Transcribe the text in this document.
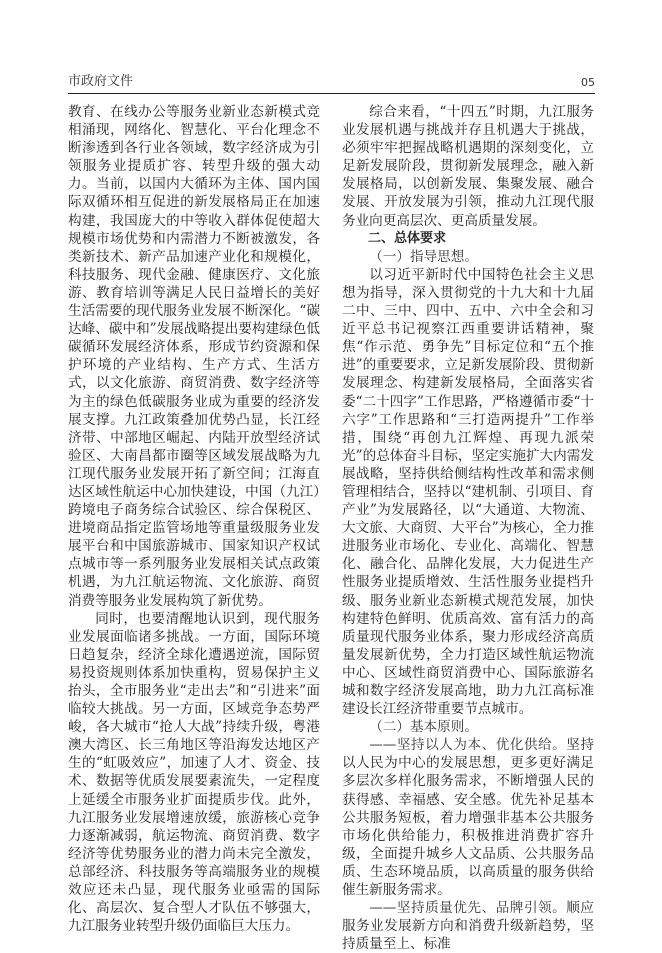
市政府文件	05

教育、在线办公等服务业新业态新模式竞相涌现，网络化、智慧化、平台化理念不断渗透到各行业各领域，数字经济成为引领服务业提质扩容、转型升级的强大动力。当前，以国内大循环为主体、国内国际双循环相互促进的新发展格局正在加速构建，我国庞大的中等收入群体促使超大规模市场优势和内需潜力不断被激发，各类新技术、新产品加速产业化和规模化，科技服务、现代金融、健康医疗、文化旅游、教育培训等满足人民日益增长的美好生活需要的现代服务业发展不断深化。“碳达峰、碳中和”发展战略提出要构建绿色低碳循环发展经济体系，形成节约资源和保护环境的产业结构、生产方式、生活方式，以文化旅游、商贸消费、数字经济等为主的绿色低碳服务业成为重要的经济发展支撑。九江政策叠加优势凸显，长江经济带、中部地区崛起、内陆开放型经济试验区、大南昌都市圈等区域发展战略为九江现代服务业发展开拓了新空间；江海直达区域性航运中心加快建设，中国（九江）跨境电子商务综合试验区、综合保税区、进境商品指定监管场地等重量级服务业发展平台和中国旅游城市、国家知识产权试点城市等一系列服务业发展相关试点政策机遇，为九江航运物流、文化旅游、商贸消费等服务业发展构筑了新优势。

同时，也要清醒地认识到，现代服务业发展面临诸多挑战。一方面，国际环境日趋复杂，经济全球化遭遇逆流，国际贸易投资规则体系加快重构，贸易保护主义抬头，全市服务业“走出去”和“引进来”面临较大挑战。另一方面，区域竞争态势严峻，各大城市“抢人大战”持续升级，粤港澳大湾区、长三角地区等沿海发达地区产生的“虹吸效应”，加速了人才、资金、技术、数据等优质发展要素流失，一定程度上延缓全市服务业扩面提质步伐。此外，九江服务业发展增速放缓，旅游核心竞争力逐渐减弱，航运物流、商贸消费、数字经济等优势服务业的潜力尚未完全激发，总部经济、科技服务等高端服务业的规模效应还未凸显，现代服务业亟需的国际化、高层次、复合型人才队伍不够强大，九江服务业转型升级仍面临巨大压力。

综合来看，“十四五”时期，九江服务业发展机遇与挑战并存且机遇大于挑战，必须牢牢把握战略机遇期的深刻变化，立足新发展阶段，贯彻新发展理念，融入新发展格局，以创新发展、集聚发展、融合发展、开放发展为引领，推动九江现代服务业向更高层次、更高质量发展。

二、总体要求

（一）指导思想。

以习近平新时代中国特色社会主义思想为指导，深入贯彻党的十九大和十九届二中、三中、四中、五中、六中全会和习近平总书记视察江西重要讲话精神，聚焦“作示范、勇争先”目标定位和“五个推进”的重要要求，立足新发展阶段、贯彻新发展理念、构建新发展格局，全面落实省委“二十四字”工作思路，严格遵循市委“十六字”工作思路和“三打造两提升”工作举措，围绕“再创九江辉煌、再现九派荣光”的总体奋斗目标，坚定实施扩大内需发展战略，坚持供给侧结构性改革和需求侧管理相结合，坚持以“建机制、引项目、育产业”为发展路径，以“大通道、大物流、大文旅、大商贸、大平台”为核心，全力推进服务业市场化、专业化、高端化、智慧化、融合化、品牌化发展，大力促进生产性服务业提质增效、生活性服务业提档升级、服务业新业态新模式规范发展，加快构建特色鲜明、优质高效、富有活力的高质量现代服务业体系，聚力形成经济高质量发展新优势，全力打造区域性航运物流中心、区域性商贸消费中心、国际旅游名城和数字经济发展高地，助力九江高标准建设长江经济带重要节点城市。

（二）基本原则。

——坚持以人为本、优化供给。坚持以人民为中心的发展思想，更多更好满足多层次多样化服务需求，不断增强人民的获得感、幸福感、安全感。优先补足基本公共服务短板，着力增强非基本公共服务市场化供给能力，积极推进消费扩容升级，全面提升城乡人文品质、公共服务品质、生态环境品质，以高质量的服务供给催生新服务需求。

——坚持质量优先、品牌引领。顺应服务业发展新方向和消费升级新趋势，坚持质量至上、标准
